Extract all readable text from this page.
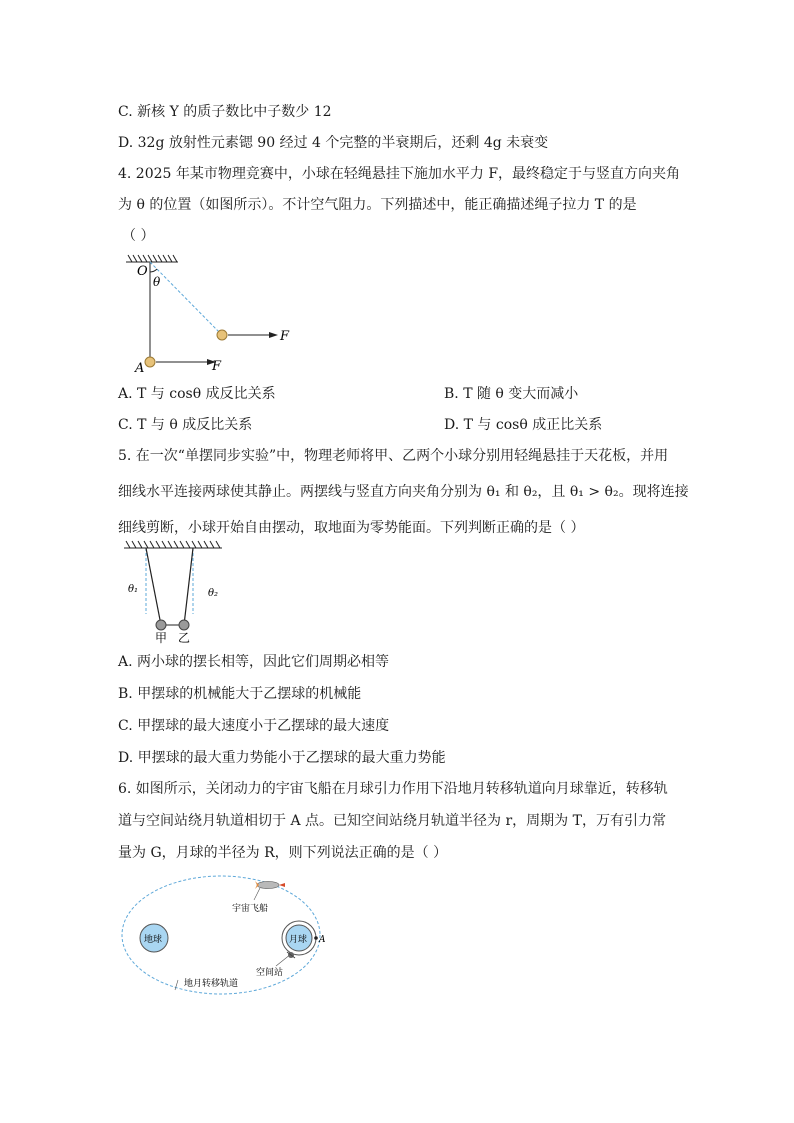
C. 新核 Y 的质子数比中子数少 12
D. 32g 放射性元素锶 90 经过 4 个完整的半衰期后，还剩 4g 未衰变
4. 2025 年某市物理竞赛中，小球在轻绳悬挂下施加水平力 F，最终稳定于与竖直方向夹角
为 θ 的位置（如图所示）。不计空气阻力。下列描述中，能正确描述绳子拉力 T 的是
（ ）
O
θ
A
F
F
A. T 与 cosθ 成反比关系	B. T 随 θ 变大而减小
C. T 与 θ 成反比关系	D. T 与 cosθ 成正比关系
5. 在一次“单摆同步实验”中，物理老师将甲、乙两个小球分别用轻绳悬挂于天花板，并用
细线水平连接两球使其静止。两摆线与竖直方向夹角分别为 θ₁ 和 θ₂，且 θ₁ > θ₂。现将连接
细线剪断，小球开始自由摆动，取地面为零势能面。下列判断正确的是（ ）
θ₁	θ₂
甲 乙
A. 两小球的摆长相等，因此它们周期必相等
B. 甲摆球的机械能大于乙摆球的机械能
C. 甲摆球的最大速度小于乙摆球的最大速度
D. 甲摆球的最大重力势能小于乙摆球的最大重力势能
6. 如图所示，关闭动力的宇宙飞船在月球引力作用下沿地月转移轨道向月球靠近，转移轨
道与空间站绕月轨道相切于 A 点。已知空间站绕月轨道半径为 r，周期为 T，万有引力常
量为 G，月球的半径为 R，则下列说法正确的是（ ）
地球	月球 A
宇宙飞船
空间站
地月转移轨道
